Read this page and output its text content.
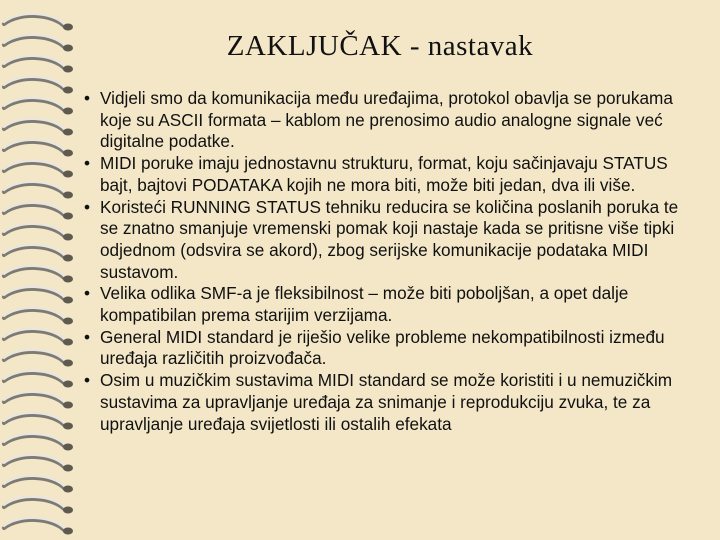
ZAKLJUČAK - nastavak
• Vidjeli smo da komunikacija među uređajima, protokol obavlja se porukama koje su ASCII formata – kablom ne prenosimo audio analogne signale već digitalne podatke.
• MIDI poruke imaju jednostavnu strukturu, format, koju sačinjavaju STATUS bajt, bajtovi PODATAKA kojih ne mora biti, može biti jedan, dva ili više.
• Koristeći RUNNING STATUS tehniku reducira se količina poslanih poruka te se znatno smanjuje vremenski pomak koji nastaje kada se pritisne više tipki odjednom (odsvira se akord), zbog serijske komunikacije podataka MIDI sustavom.
• Velika odlika SMF-a je fleksibilnost – može biti poboljšan, a opet dalje kompatibilan prema starijim verzijama.
• General MIDI standard je riješio velike probleme nekompatibilnosti između uređaja različitih proizvođača.
• Osim u muzičkim sustavima MIDI standard se može koristiti i u nemuzičkim sustavima za upravljanje uređaja za snimanje i reprodukciju zvuka, te za upravljanje uređaja svijetlosti ili ostalih efekata
